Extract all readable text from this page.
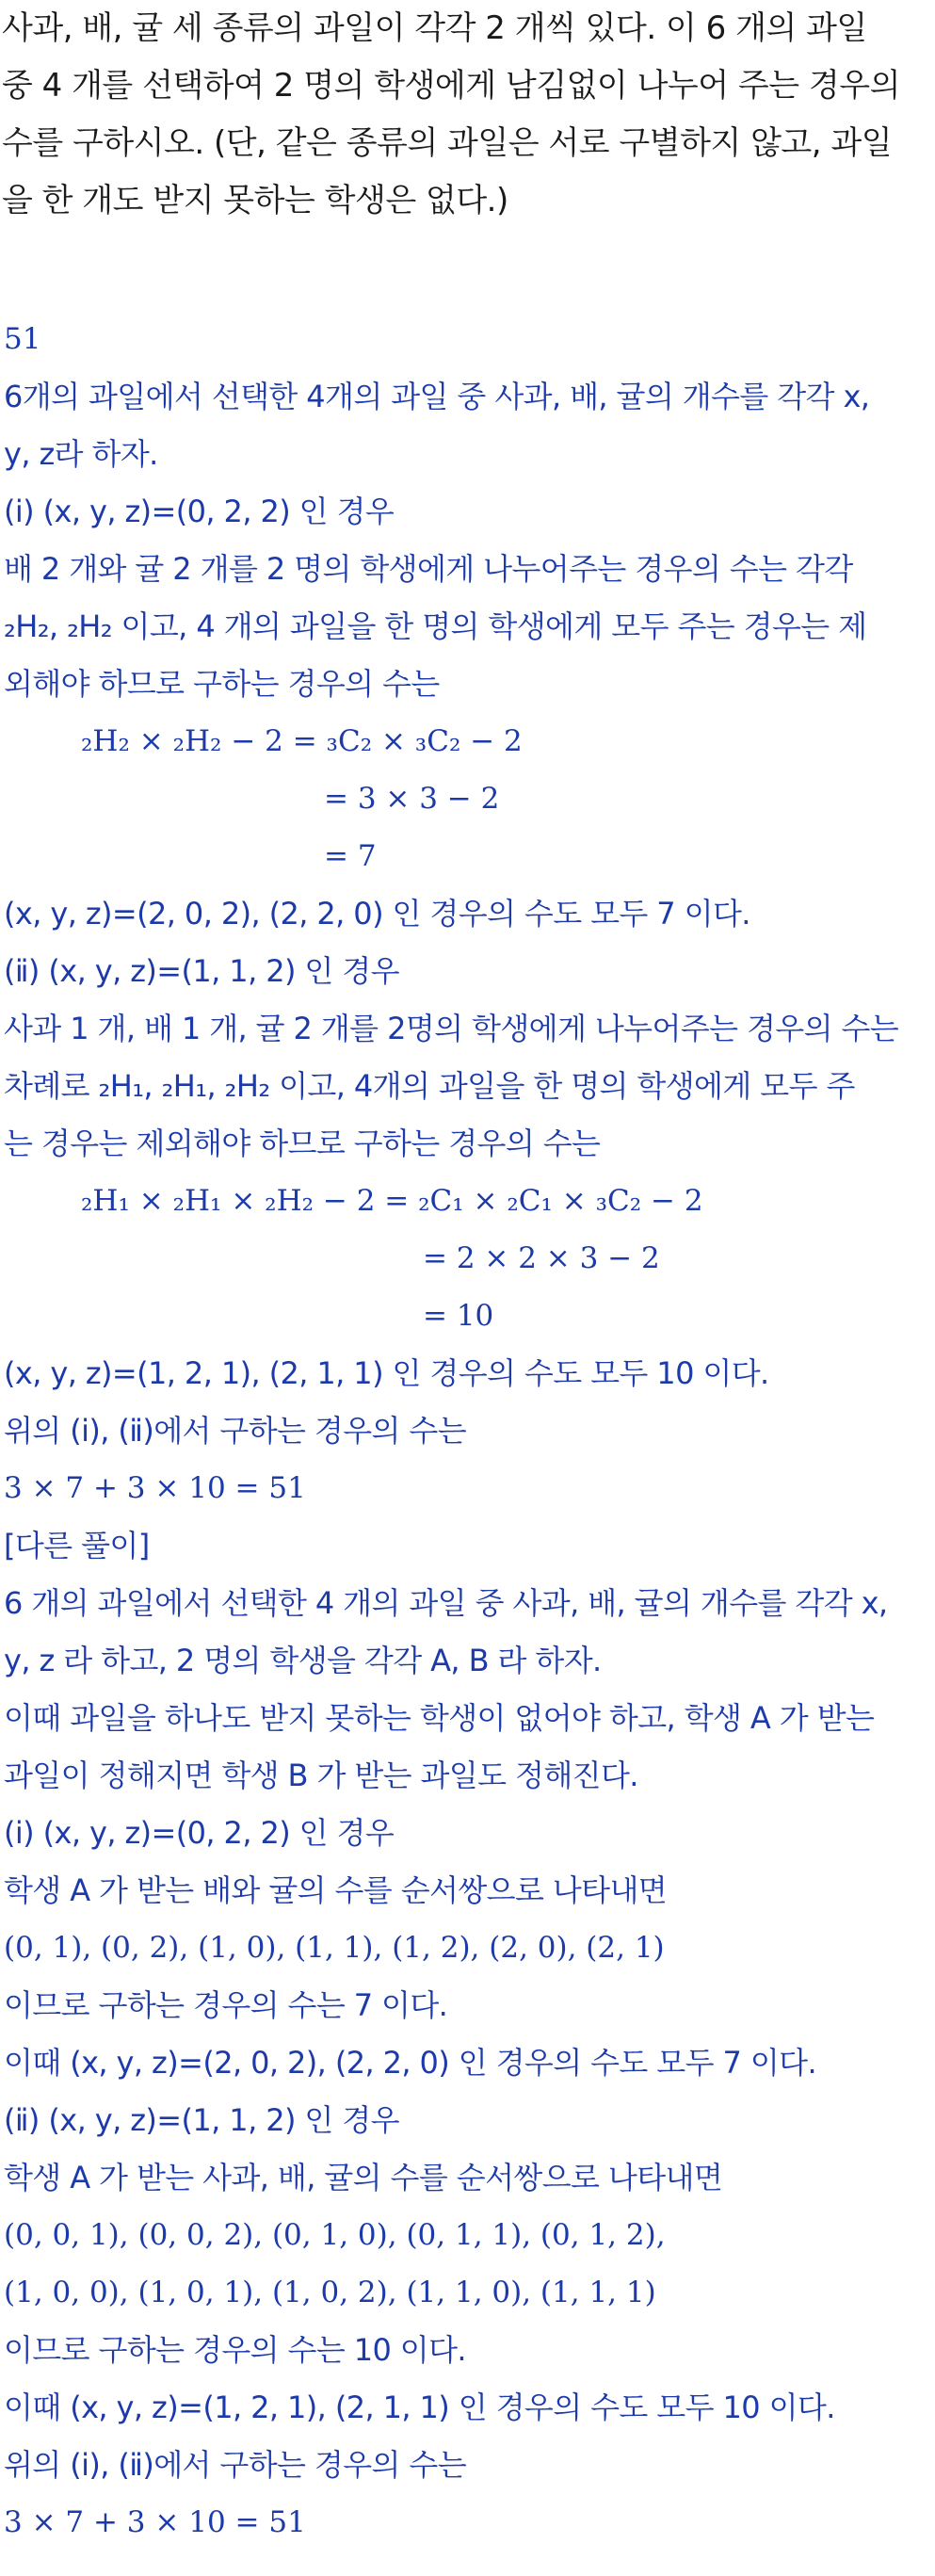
사과, 배, 귤 세 종류의 과일이 각각 2 개씩 있다. 이 6 개의 과일

중 4 개를 선택하여 2 명의 학생에게 남김없이 나누어 주는 경우의

수를 구하시오. (단, 같은 종류의 과일은 서로 구별하지 않고, 과일

을 한 개도 받지 못하는 학생은 없다.)

51
6개의 과일에서 선택한 4개의 과일 중 사과, 배, 귤의 개수를 각각 x,
y, z라 하자.
(ⅰ) (x, y, z)=(0, 2, 2) 인 경우
배 2 개와 귤 2 개를 2 명의 학생에게 나누어주는 경우의 수는 각각
₂H₂, ₂H₂ 이고, 4 개의 과일을 한 명의 학생에게 모두 주는 경우는 제
외해야 하므로 구하는 경우의 수는
₂H₂ × ₂H₂ − 2 = ₃C₂ × ₃C₂ − 2
= 3 × 3 − 2
= 7
(x, y, z)=(2, 0, 2), (2, 2, 0) 인 경우의 수도 모두 7 이다.
(ⅱ) (x, y, z)=(1, 1, 2) 인 경우
사과 1 개, 배 1 개, 귤 2 개를 2명의 학생에게 나누어주는 경우의 수는
차례로 ₂H₁, ₂H₁, ₂H₂ 이고, 4개의 과일을 한 명의 학생에게 모두 주
는 경우는 제외해야 하므로 구하는 경우의 수는
₂H₁ × ₂H₁ × ₂H₂ − 2 = ₂C₁ × ₂C₁ × ₃C₂ − 2
= 2 × 2 × 3 − 2
= 10
(x, y, z)=(1, 2, 1), (2, 1, 1) 인 경우의 수도 모두 10 이다.
위의 (ⅰ), (ⅱ)에서 구하는 경우의 수는
3 × 7 + 3 × 10 = 51
[다른 풀이]
6 개의 과일에서 선택한 4 개의 과일 중 사과, 배, 귤의 개수를 각각 x,
y, z 라 하고, 2 명의 학생을 각각 A, B 라 하자.
이때 과일을 하나도 받지 못하는 학생이 없어야 하고, 학생 A 가 받는
과일이 정해지면 학생 B 가 받는 과일도 정해진다.
(ⅰ) (x, y, z)=(0, 2, 2) 인 경우
학생 A 가 받는 배와 귤의 수를 순서쌍으로 나타내면
(0, 1), (0, 2), (1, 0), (1, 1), (1, 2), (2, 0), (2, 1)
이므로 구하는 경우의 수는 7 이다.
이때 (x, y, z)=(2, 0, 2), (2, 2, 0) 인 경우의 수도 모두 7 이다.
(ⅱ) (x, y, z)=(1, 1, 2) 인 경우
학생 A 가 받는 사과, 배, 귤의 수를 순서쌍으로 나타내면
(0, 0, 1), (0, 0, 2), (0, 1, 0), (0, 1, 1), (0, 1, 2),
(1, 0, 0), (1, 0, 1), (1, 0, 2), (1, 1, 0), (1, 1, 1)
이므로 구하는 경우의 수는 10 이다.
이때 (x, y, z)=(1, 2, 1), (2, 1, 1) 인 경우의 수도 모두 10 이다.
위의 (ⅰ), (ⅱ)에서 구하는 경우의 수는
3 × 7 + 3 × 10 = 51
